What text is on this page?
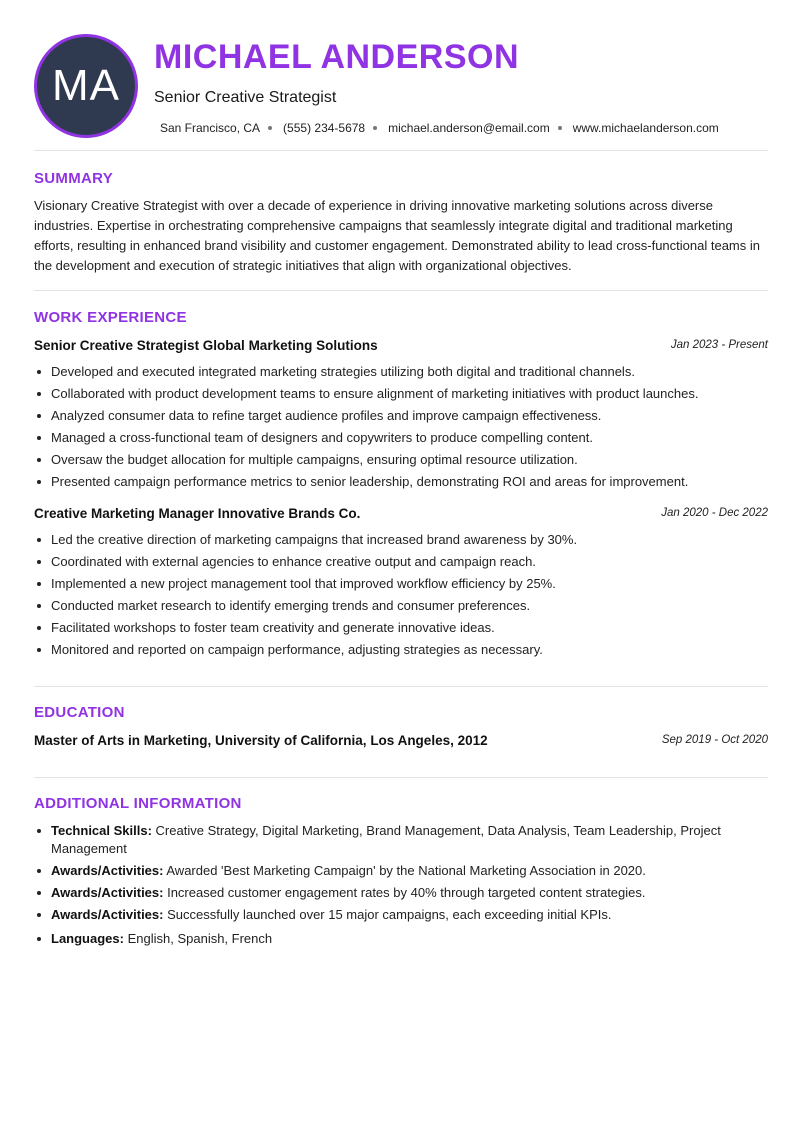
MA
MICHAEL ANDERSON
Senior Creative Strategist
San Francisco, CA (555) 234-5678 michael.anderson@email.com www.michaelanderson.com
SUMMARY

Visionary Creative Strategist with over a decade of experience in driving innovative marketing solutions across diverse industries. Expertise in orchestrating comprehensive campaigns that seamlessly integrate digital and traditional marketing efforts, resulting in enhanced brand visibility and customer engagement. Demonstrated ability to lead cross-functional teams in the development and execution of strategic initiatives that align with organizational objectives.

WORK EXPERIENCE
Senior Creative Strategist Global Marketing Solutions	Jan 2023 - Present
Developed and executed integrated marketing strategies utilizing both digital and traditional channels.
Collaborated with product development teams to ensure alignment of marketing initiatives with product launches.
Analyzed consumer data to refine target audience profiles and improve campaign effectiveness.
Managed a cross-functional team of designers and copywriters to produce compelling content.
Oversaw the budget allocation for multiple campaigns, ensuring optimal resource utilization.
Presented campaign performance metrics to senior leadership, demonstrating ROI and areas for improvement.
Creative Marketing Manager Innovative Brands Co.	Jan 2020 - Dec 2022
Led the creative direction of marketing campaigns that increased brand awareness by 30%.
Coordinated with external agencies to enhance creative output and campaign reach.
Implemented a new project management tool that improved workflow efficiency by 25%.
Conducted market research to identify emerging trends and consumer preferences.
Facilitated workshops to foster team creativity and generate innovative ideas.
Monitored and reported on campaign performance, adjusting strategies as necessary.
EDUCATION
Master of Arts in Marketing, University of California, Los Angeles, 2012	Sep 2019 - Oct 2020
ADDITIONAL INFORMATION
Technical Skills: Creative Strategy, Digital Marketing, Brand Management, Data Analysis, Team Leadership, Project Management
Awards/Activities: Awarded 'Best Marketing Campaign' by the National Marketing Association in 2020.
Awards/Activities: Increased customer engagement rates by 40% through targeted content strategies.
Awards/Activities: Successfully launched over 15 major campaigns, each exceeding initial KPIs.
Languages: English, Spanish, French
